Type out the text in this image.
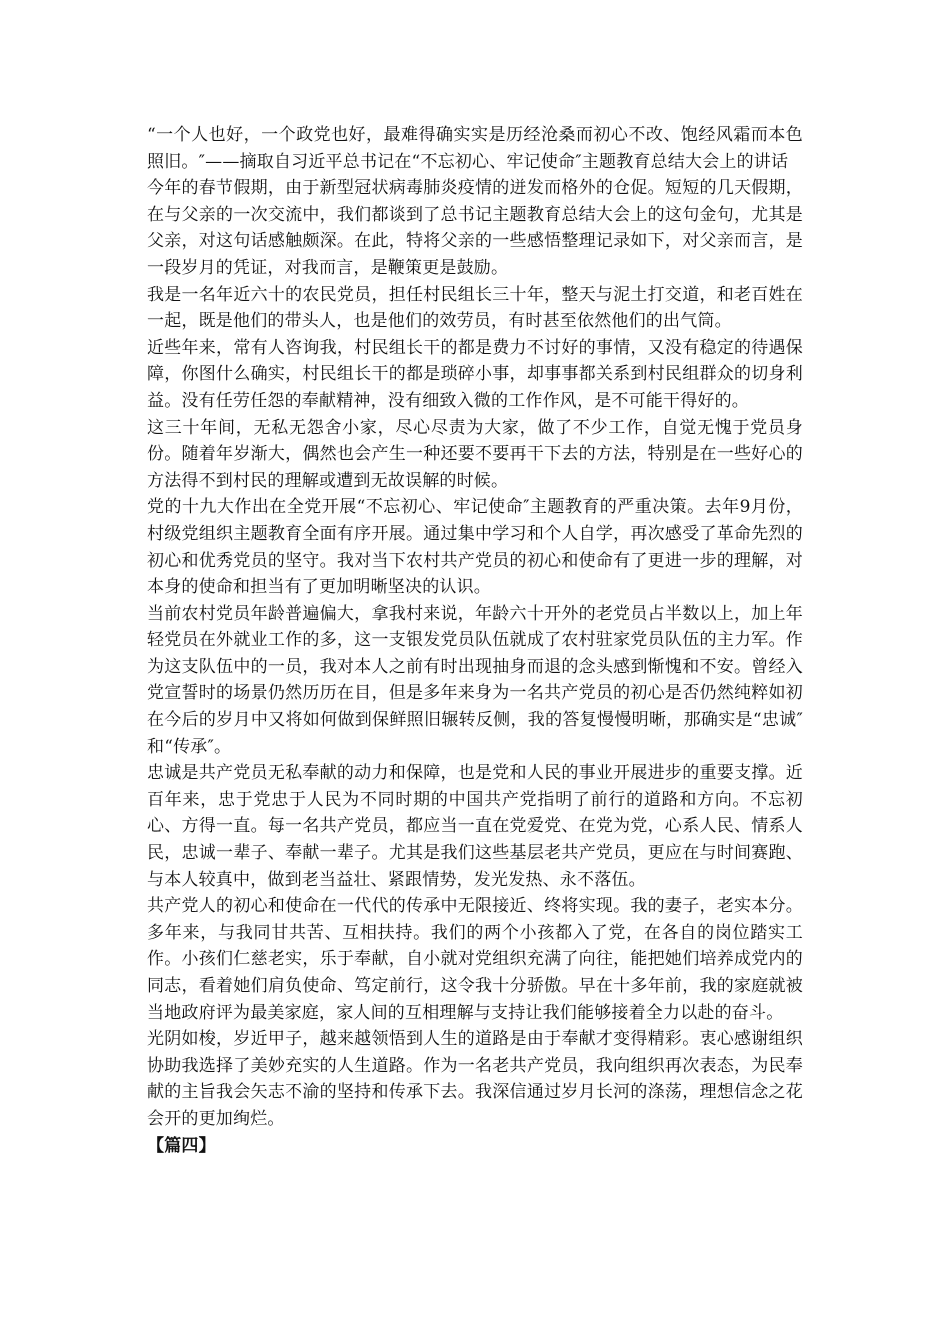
“一个人也好，一个政党也好，最难得确实实是历经沧桑而初心不改、饱经风霜而本色照旧。″——摘取自习近平总书记在“不忘初心、牢记使命″主题教育总结大会上的讲话

今年的春节假期，由于新型冠状病毒肺炎疫情的迸发而格外的仓促。短短的几天假期，在与父亲的一次交流中，我们都谈到了总书记主题教育总结大会上的这句金句，尤其是父亲，对这句话感触颇深。在此，特将父亲的一些感悟整理记录如下，对父亲而言，是一段岁月的凭证，对我而言，是鞭策更是鼓励。

我是一名年近六十的农民党员，担任村民组长三十年，整天与泥土打交道，和老百姓在一起，既是他们的带头人，也是他们的效劳员，有时甚至依然他们的出气筒。

近些年来，常有人咨询我，村民组长干的都是费力不讨好的事情，又没有稳定的待遇保障，你图什么确实，村民组长干的都是琐碎小事，却事事都关系到村民组群众的切身利益。没有任劳任怨的奉献精神，没有细致入微的工作作风，是不可能干得好的。

这三十年间，无私无怨舍小家，尽心尽责为大家，做了不少工作，自觉无愧于党员身份。随着年岁渐大，偶然也会产生一种还要不要再干下去的方法，特别是在一些好心的方法得不到村民的理解或遭到无故误解的时候。

党的十九大作出在全党开展“不忘初心、牢记使命″主题教育的严重决策。去年9月份，村级党组织主题教育全面有序开展。通过集中学习和个人自学，再次感受了革命先烈的初心和优秀党员的坚守。我对当下农村共产党员的初心和使命有了更进一步的理解，对本身的使命和担当有了更加明晰坚决的认识。

当前农村党员年龄普遍偏大，拿我村来说，年龄六十开外的老党员占半数以上，加上年轻党员在外就业工作的多，这一支银发党员队伍就成了农村驻家党员队伍的主力军。作为这支队伍中的一员，我对本人之前有时出现抽身而退的念头感到惭愧和不安。曾经入党宣誓时的场景仍然历历在目，但是多年来身为一名共产党员的初心是否仍然纯粹如初在今后的岁月中又将如何做到保鲜照旧辗转反侧，我的答复慢慢明晰，那确实是“忠诚″和“传承″。

忠诚是共产党员无私奉献的动力和保障，也是党和人民的事业开展进步的重要支撑。近百年来，忠于党忠于人民为不同时期的中国共产党指明了前行的道路和方向。不忘初心、方得一直。每一名共产党员，都应当一直在党爱党、在党为党，心系人民、情系人民，忠诚一辈子、奉献一辈子。尤其是我们这些基层老共产党员，更应在与时间赛跑、与本人较真中，做到老当益壮、紧跟情势，发光发热、永不落伍。

共产党人的初心和使命在一代代的传承中无限接近、终将实现。我的妻子，老实本分。多年来，与我同甘共苦、互相扶持。我们的两个小孩都入了党，在各自的岗位踏实工作。小孩们仁慈老实，乐于奉献，自小就对党组织充满了向往，能把她们培养成党内的同志，看着她们肩负使命、笃定前行，这令我十分骄傲。早在十多年前，我的家庭就被当地政府评为最美家庭，家人间的互相理解与支持让我们能够接着全力以赴的奋斗。

光阴如梭，岁近甲子，越来越领悟到人生的道路是由于奉献才变得精彩。衷心感谢组织协助我选择了美妙充实的人生道路。作为一名老共产党员，我向组织再次表态，为民奉献的主旨我会矢志不渝的坚持和传承下去。我深信通过岁月长河的涤荡，理想信念之花会开的更加绚烂。

【篇四】
